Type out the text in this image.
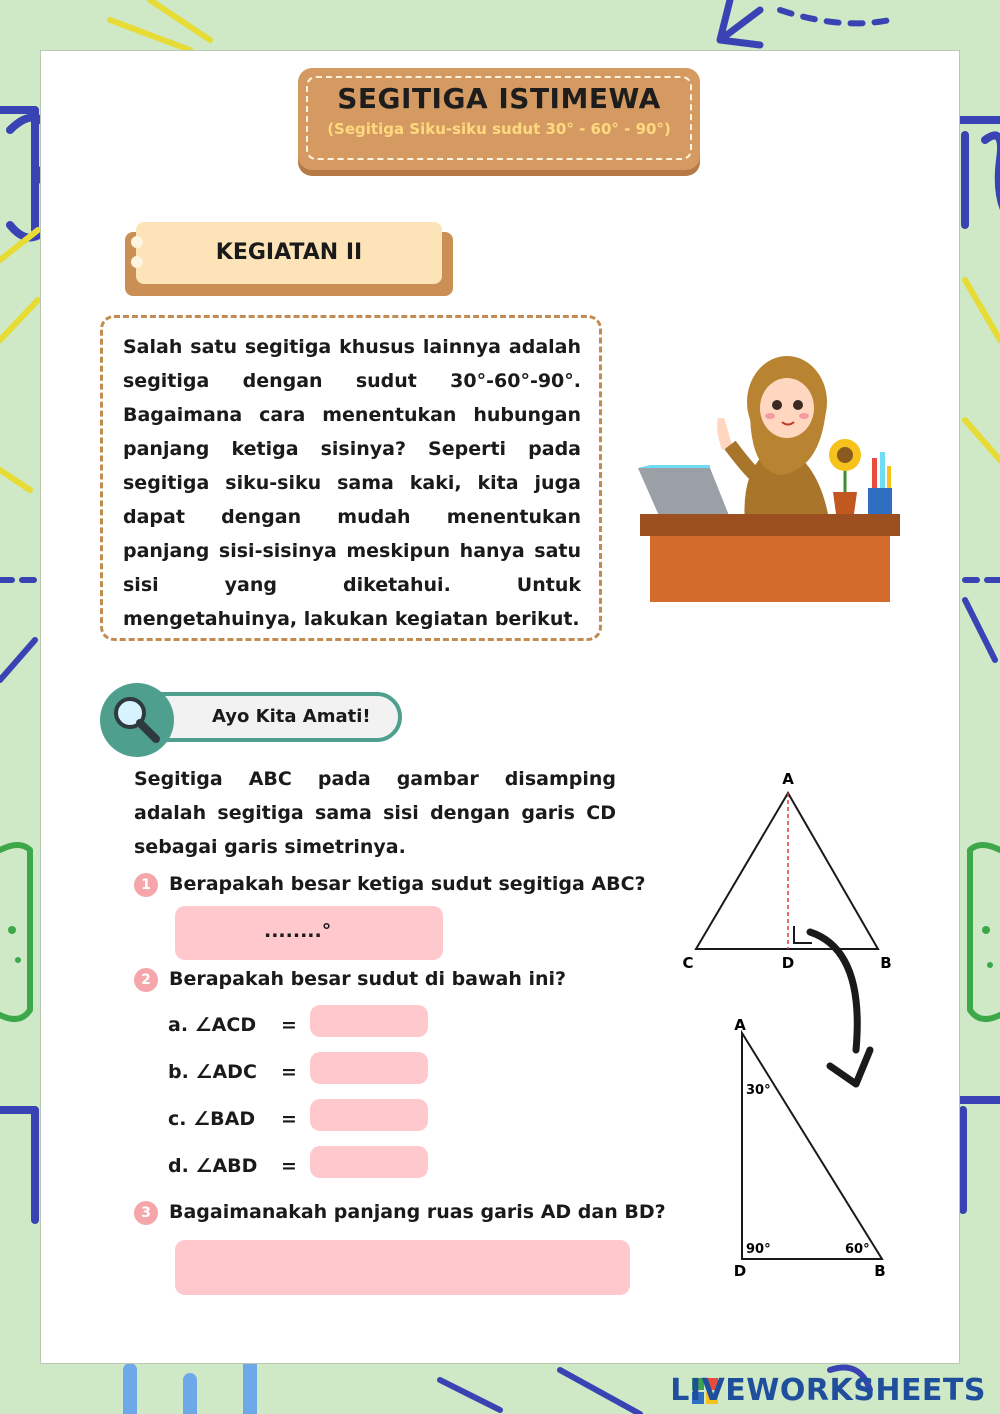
SEGITIGA ISTIMEWA
(Segitiga Siku-siku sudut 30° - 60° - 90°)
KEGIATAN II
Salah satu segitiga khusus lainnya adalah segitiga dengan sudut 30°-60°-90°. Bagaimana cara menentukan hubungan panjang ketiga sisinya? Seperti pada segitiga siku-siku sama kaki, kita juga dapat dengan mudah menentukan panjang sisi-sisinya meskipun hanya satu sisi yang diketahui. Untuk mengetahuinya, lakukan kegiatan berikut.
Ayo Kita Amati!
Segitiga ABC pada gambar disamping adalah segitiga sama sisi dengan garis CD sebagai garis simetrinya.
1 Berapakah besar ketiga sudut segitiga ABC?
........°
2 Berapakah besar sudut di bawah ini?
a. ∠ACD =
b. ∠ADC =
c. ∠BAD =
d. ∠ABD =
3 Bagaimanakah panjang ruas garis AD dan BD?
A
C	D	B
A
D	B
30°
90°	60°
LIVEWORKSHEETS
